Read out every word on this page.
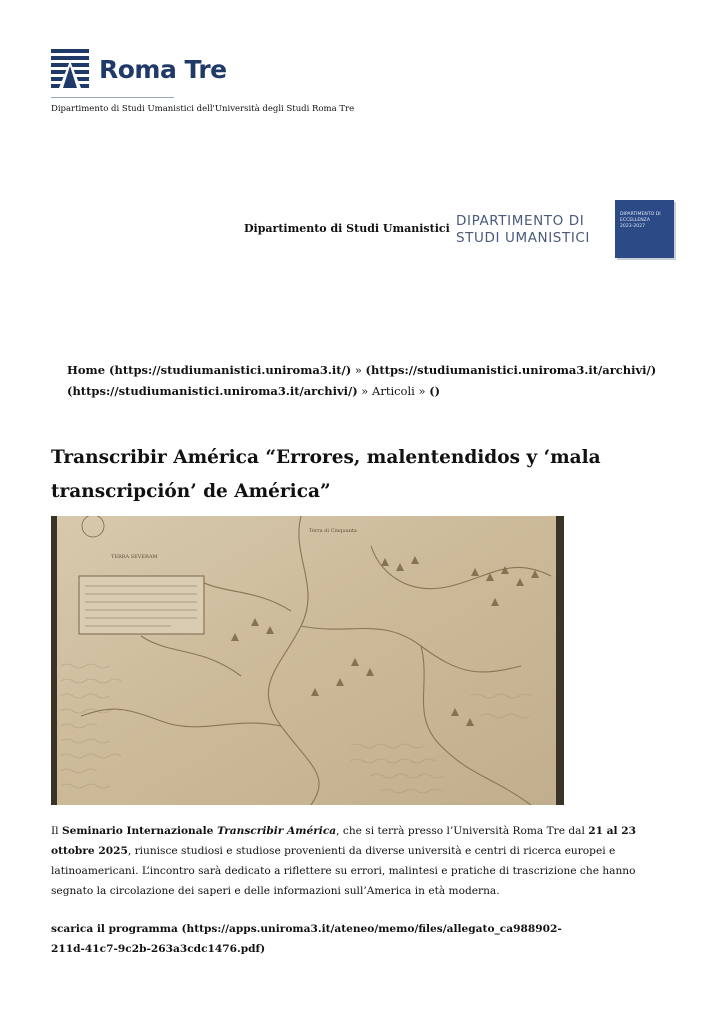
Roma Tre
Dipartimento di Studi Umanistici dell'Università degli Studi Roma Tre
Dipartimento di Studi Umanistici DIPARTIMENTO DI
STUDI UMANISTICI
DIPARTIMENTO DI
ECCELLENZA
2023-2027
Home (https://studiumanistici.uniroma3.it/) » (https://studiumanistici.uniroma3.it/archivi/)(https://studiumanistici.uniroma3.it/archivi/) » Articoli » ()
Transcribir América “Errores, malentendidos y ‘mala transcripción’ de América”
TERRA SEVERAM
Terra di Cinquanta

Il Seminario Internazionale Transcribir América, che si terrà presso l’Università Roma Tre dal 21 al 23 ottobre 2025, riunisce studiosi e studiose provenienti da diverse università e centri di ricerca europei e latinoamericani. L’incontro sarà dedicato a riflettere su errori, malintesi e pratiche di trascrizione che hanno segnato la circolazione dei saperi e delle informazioni sull’America in età moderna.

scarica il programma (https://apps.uniroma3.it/ateneo/memo/files/allegato_ca988902-211d-41c7-9c2b-263a3cdc1476.pdf)
